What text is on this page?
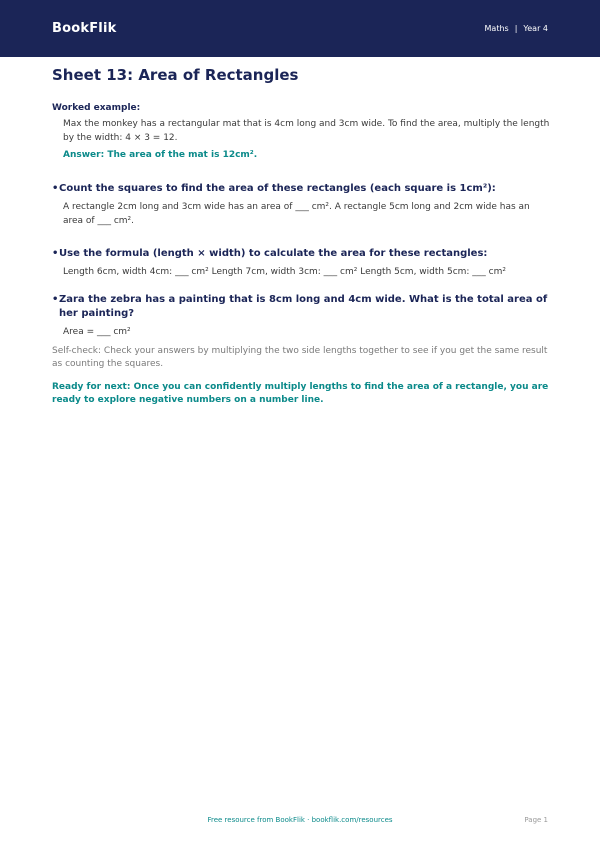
BookFlik	Maths | Year 4
Sheet 13: Area of Rectangles
Worked example:
Max the monkey has a rectangular mat that is 4cm long and 3cm wide. To find the area, multiply the length by the width: 4 × 3 = 12.
Answer: The area of the mat is 12cm².
• Count the squares to find the area of these rectangles (each square is 1cm²):
A rectangle 2cm long and 3cm wide has an area of ___ cm². A rectangle 5cm long and 2cm wide has an area of ___ cm².
• Use the formula (length × width) to calculate the area for these rectangles:
Length 6cm, width 4cm: ___ cm² Length 7cm, width 3cm: ___ cm² Length 5cm, width 5cm: ___ cm²
• Zara the zebra has a painting that is 8cm long and 4cm wide. What is the total area of her painting?
Area = ___ cm²
Self-check: Check your answers by multiplying the two side lengths together to see if you get the same result as counting the squares.
Ready for next: Once you can confidently multiply lengths to find the area of a rectangle, you are ready to explore negative numbers on a number line.
Free resource from BookFlik · bookflik.com/resources	Page 1
